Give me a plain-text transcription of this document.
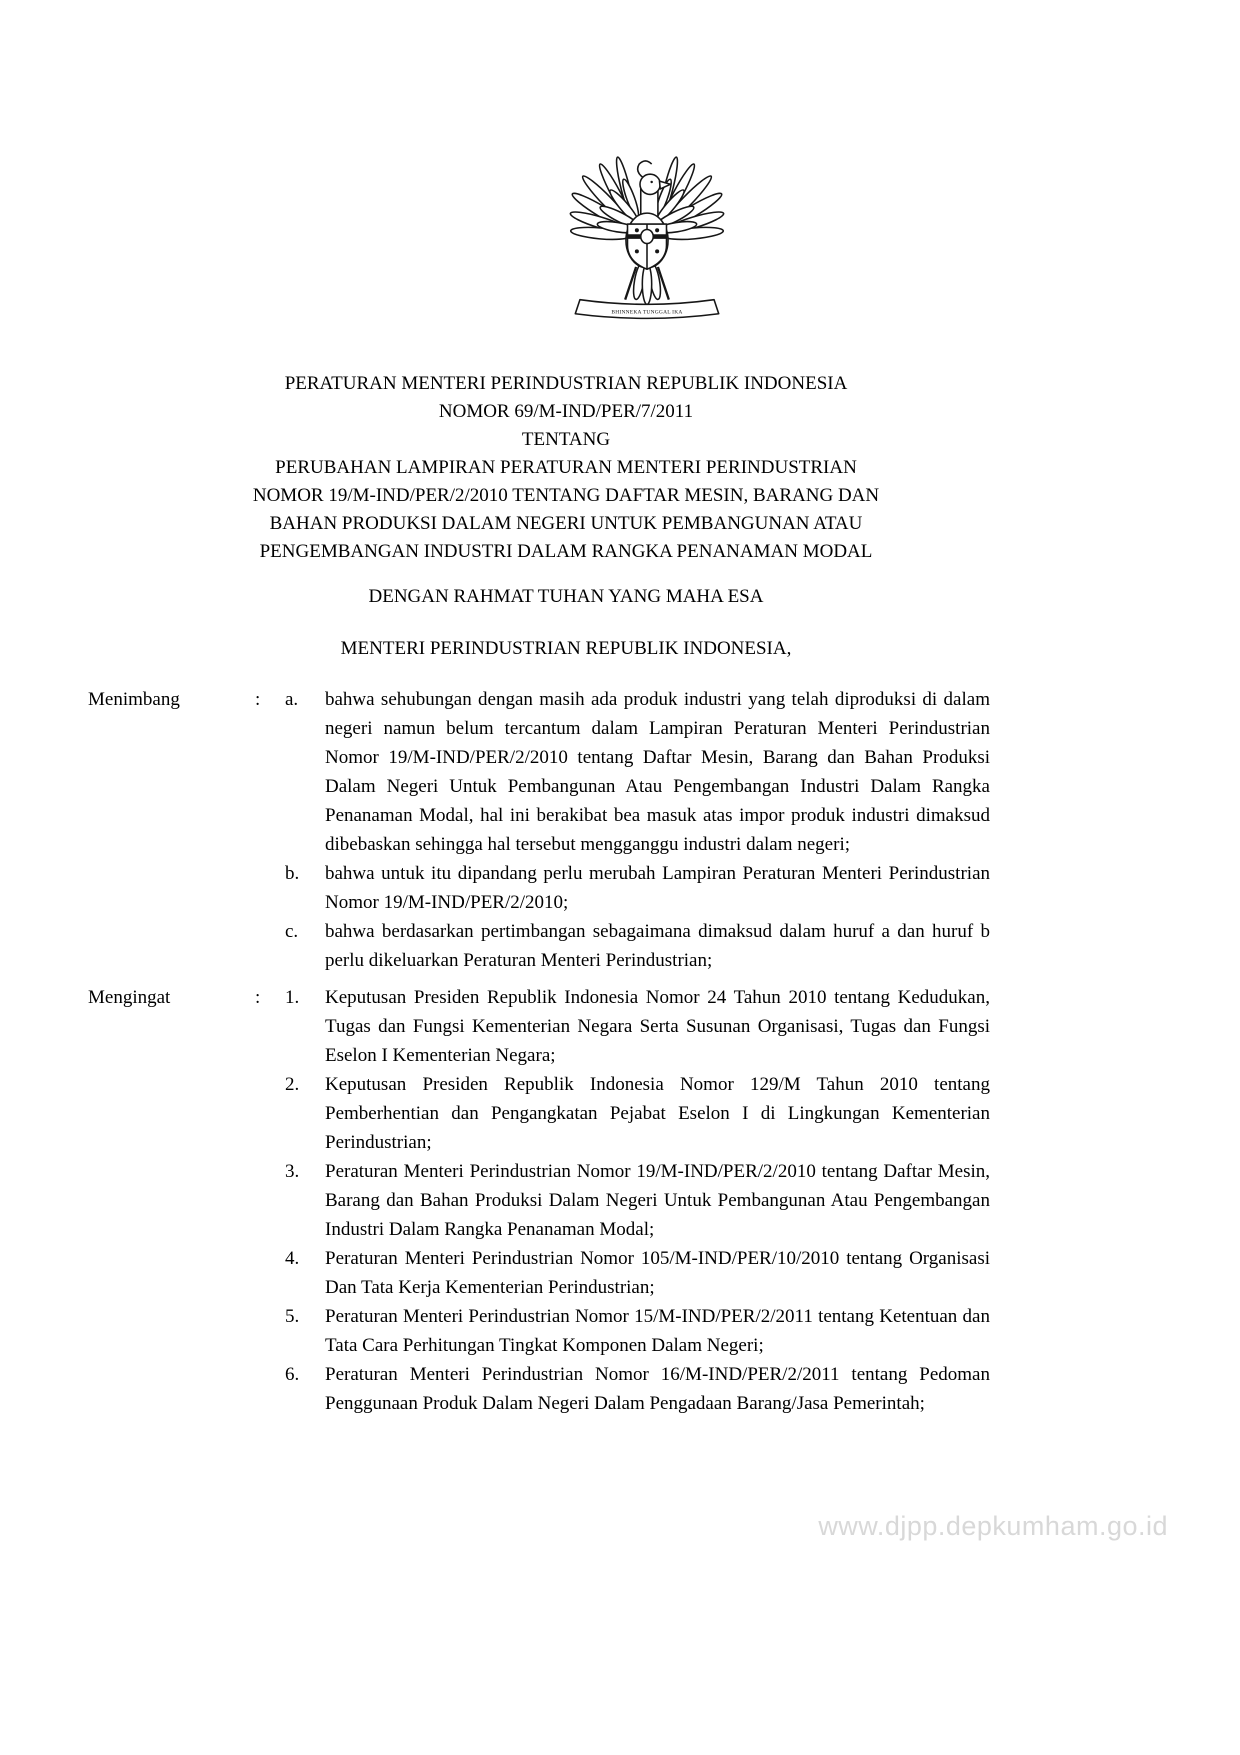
BHINNEKA TUNGGAL IKA

PERATURAN MENTERI PERINDUSTRIAN REPUBLIK INDONESIA

NOMOR 69/M-IND/PER/7/2011

TENTANG

PERUBAHAN LAMPIRAN PERATURAN MENTERI PERINDUSTRIAN

NOMOR 19/M-IND/PER/2/2010 TENTANG DAFTAR MESIN, BARANG DAN

BAHAN PRODUKSI DALAM NEGERI UNTUK PEMBANGUNAN ATAU

PENGEMBANGAN INDUSTRI DALAM RANGKA PENANAMAN MODAL

DENGAN RAHMAT TUHAN YANG MAHA ESA

MENTERI PERINDUSTRIAN REPUBLIK INDONESIA,

Menimbang	:	a.	bahwa sehubungan dengan masih ada produk industri yang telah diproduksi di dalam negeri namun belum tercantum dalam Lampiran Peraturan Menteri Perindustrian Nomor 19/M-IND/PER/2/2010 tentang Daftar Mesin, Barang dan Bahan Produksi Dalam Negeri Untuk Pembangunan Atau Pengembangan Industri Dalam Rangka Penanaman Modal, hal ini berakibat bea masuk atas impor produk industri dimaksud dibebaskan sehingga hal tersebut mengganggu industri dalam negeri;
b.	bahwa untuk itu dipandang perlu merubah Lampiran Peraturan Menteri Perindustrian Nomor 19/M-IND/PER/2/2010;
c.	bahwa berdasarkan pertimbangan sebagaimana dimaksud dalam huruf a dan huruf b perlu dikeluarkan Peraturan Menteri Perindustrian;
Mengingat	:	1.	Keputusan Presiden Republik Indonesia Nomor 24 Tahun 2010 tentang Kedudukan, Tugas dan Fungsi Kementerian Negara Serta Susunan Organisasi, Tugas dan Fungsi Eselon I Kementerian Negara;
2.	Keputusan Presiden Republik Indonesia Nomor 129/M Tahun 2010 tentang Pemberhentian dan Pengangkatan Pejabat Eselon I di Lingkungan Kementerian Perindustrian;
3.	Peraturan Menteri Perindustrian Nomor 19/M-IND/PER/2/2010 tentang Daftar Mesin, Barang dan Bahan Produksi Dalam Negeri Untuk Pembangunan Atau Pengembangan Industri Dalam Rangka Penanaman Modal;
4.	Peraturan Menteri Perindustrian Nomor 105/M-IND/PER/10/2010 tentang Organisasi Dan Tata Kerja Kementerian Perindustrian;
5.	Peraturan Menteri Perindustrian Nomor 15/M-IND/PER/2/2011 tentang Ketentuan dan Tata Cara Perhitungan Tingkat Komponen Dalam Negeri;
6.	Peraturan Menteri Perindustrian Nomor 16/M-IND/PER/2/2011 tentang Pedoman Penggunaan Produk Dalam Negeri Dalam Pengadaan Barang/Jasa Pemerintah;
www.djpp.depkumham.go.id
